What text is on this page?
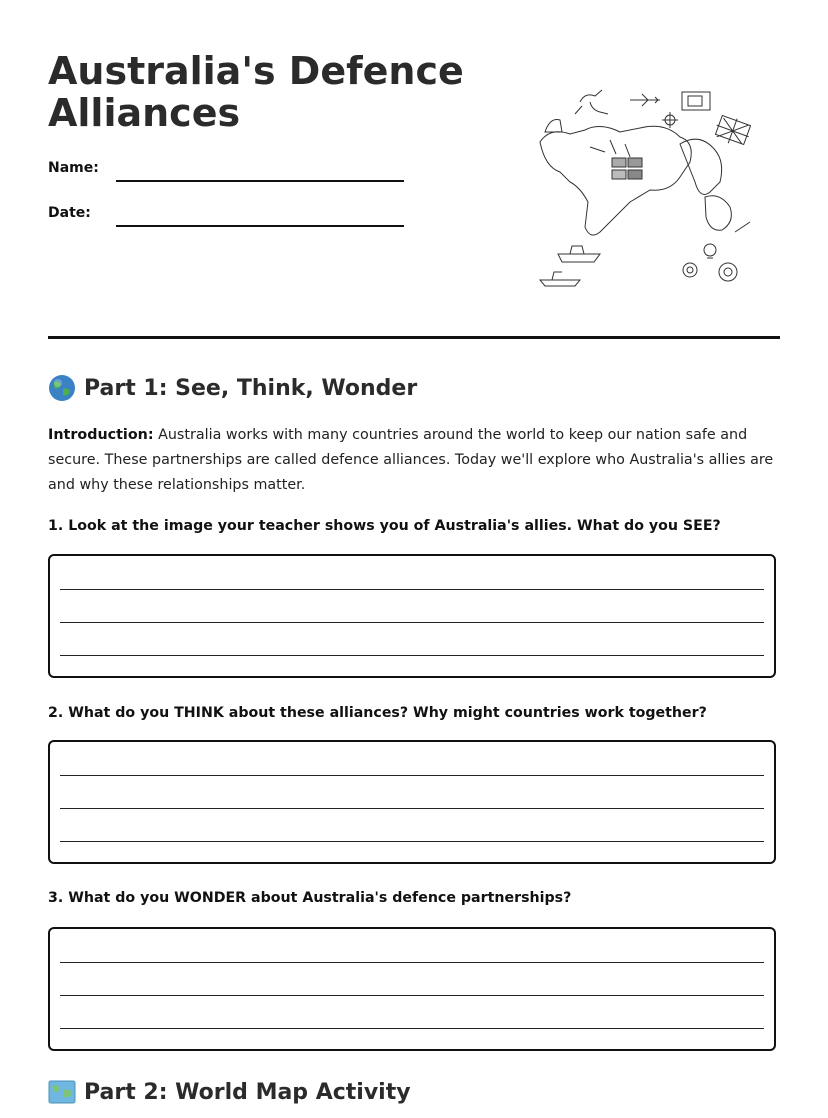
Australia's Defence Alliances
Name:
Date:
Part 1: See, Think, Wonder

Introduction: Australia works with many countries around the world to keep our nation safe and secure. These partnerships are called defence alliances. Today we'll explore who Australia's allies are and why these relationships matter.

1. Look at the image your teacher shows you of Australia's allies. What do you SEE?
2. What do you THINK about these alliances? Why might countries work together?
3. What do you WONDER about Australia's defence partnerships?
Part 2: World Map Activity
